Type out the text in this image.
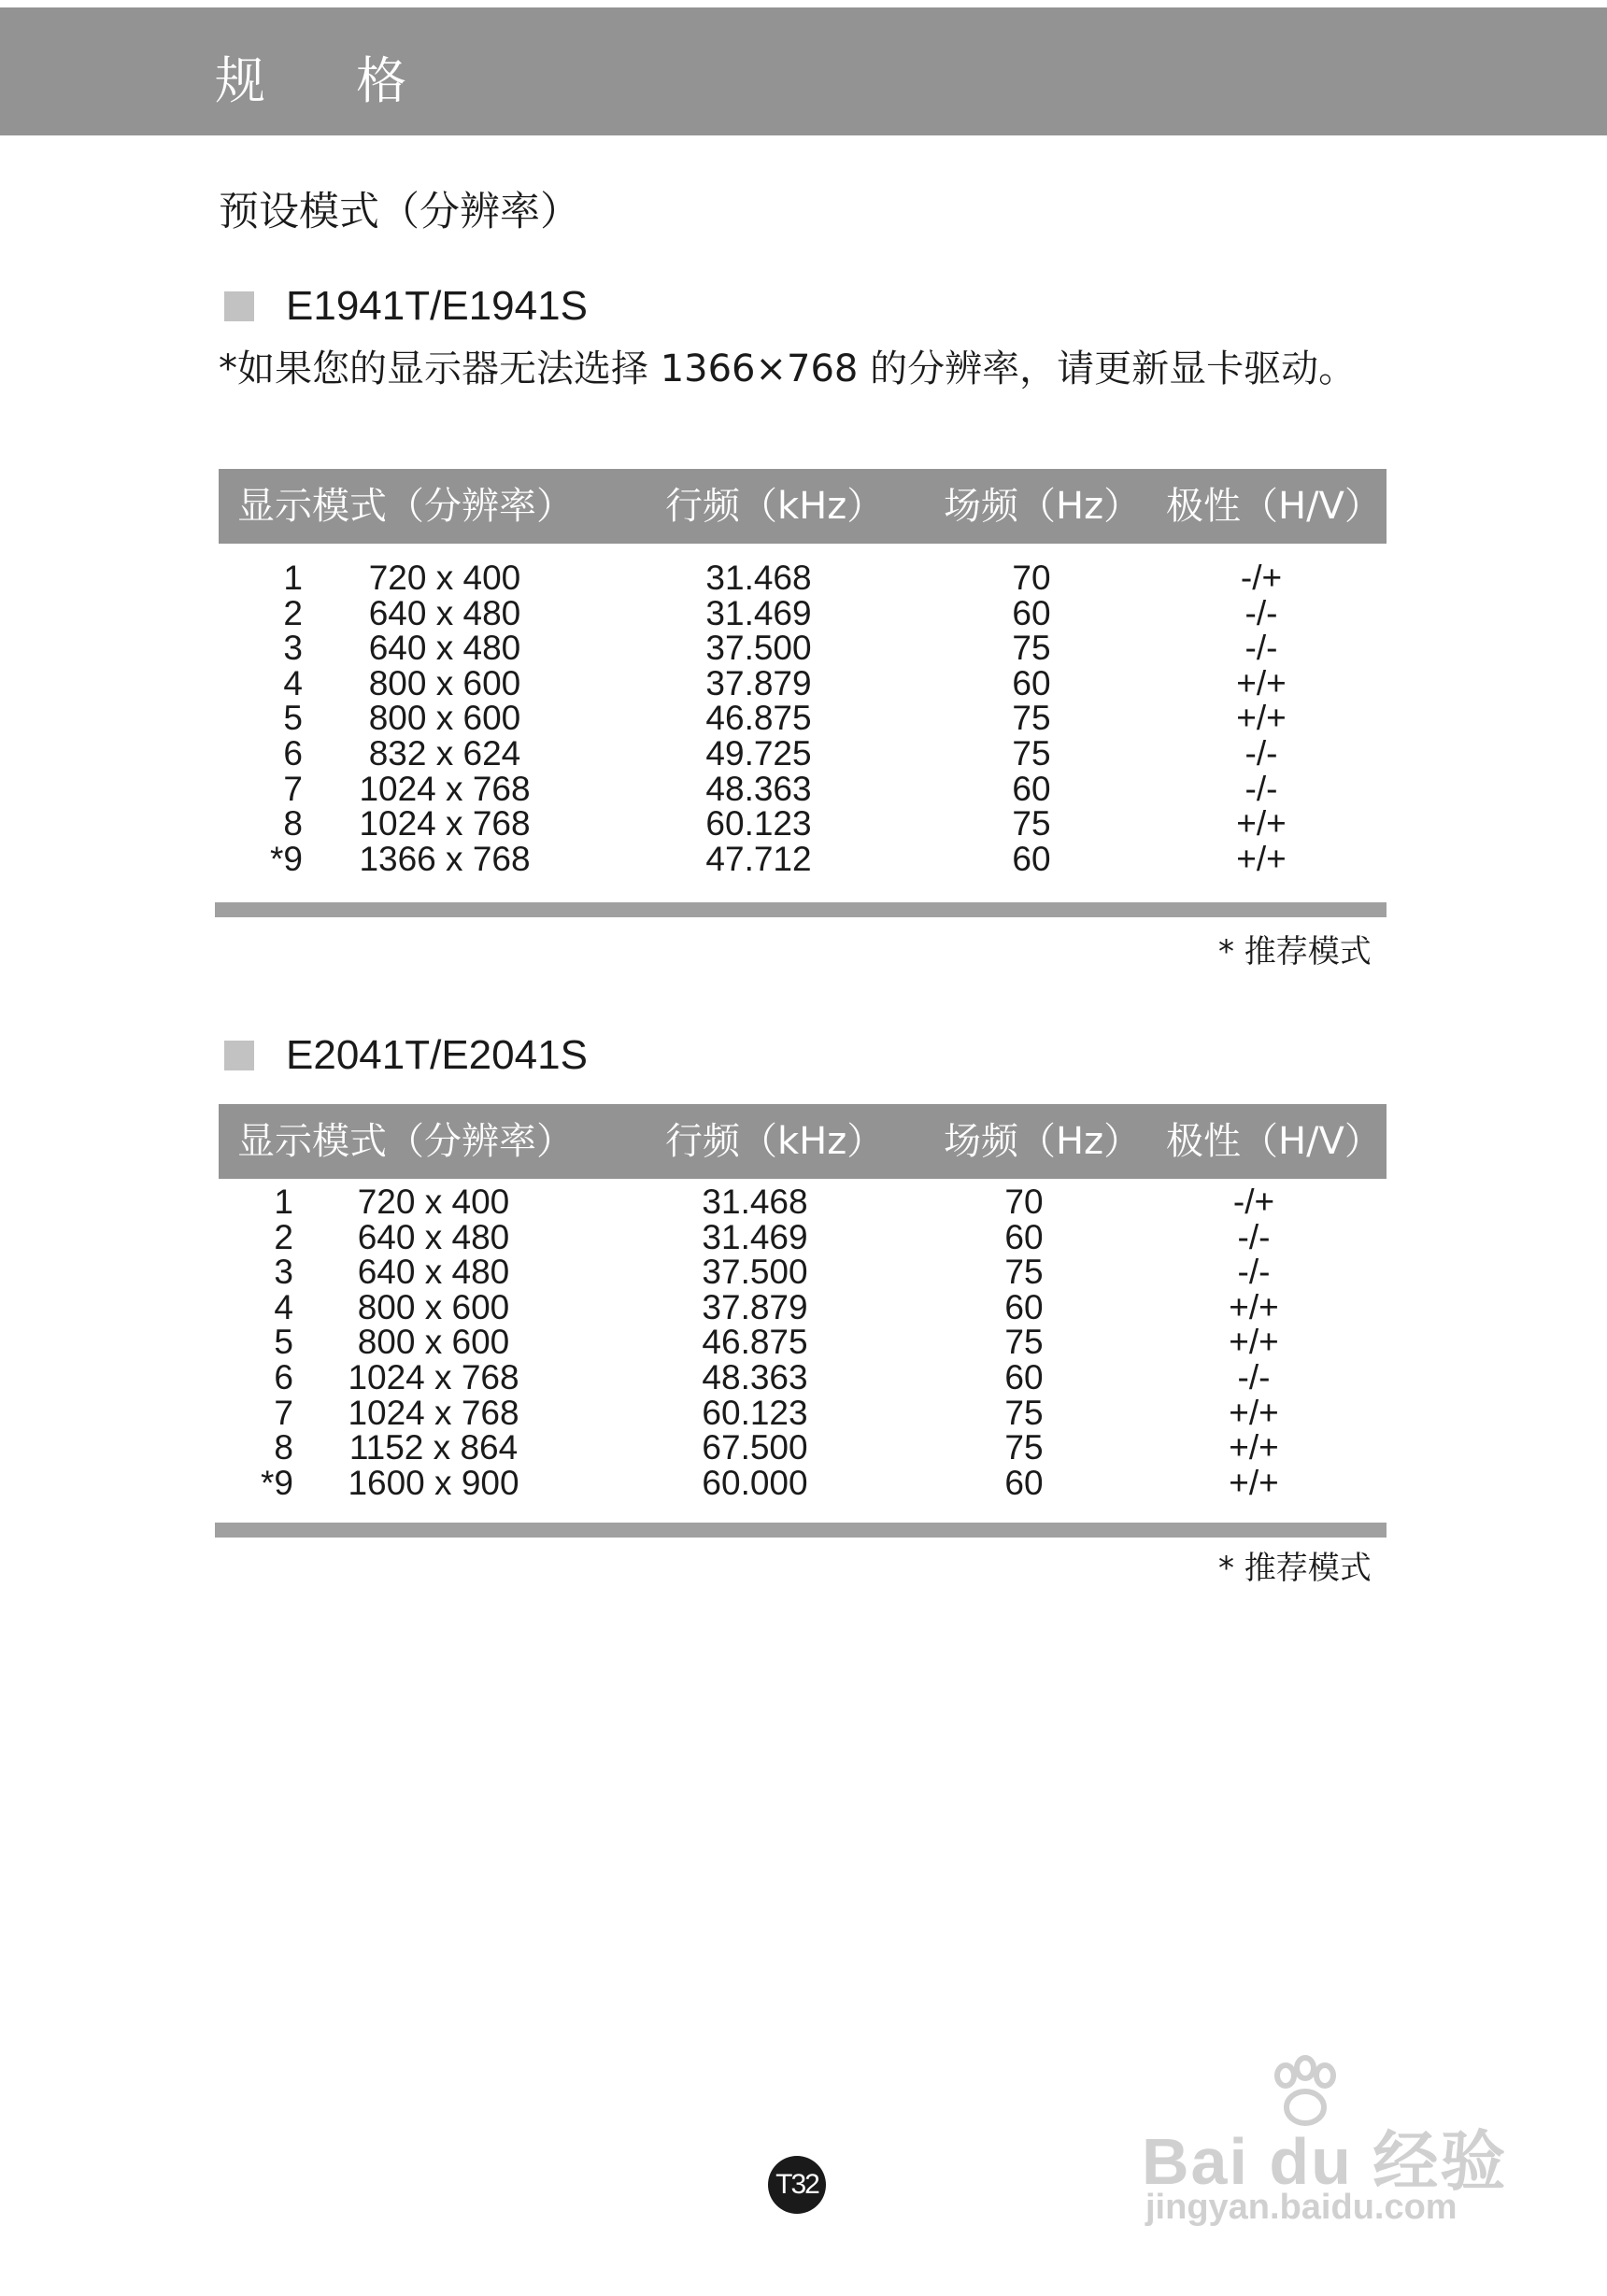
规 格
预设模式（分辨率）
E1941T/E1941S
*如果您的显示器无法选择 1366×768 的分辨率，请更新显卡驱动。
显示模式（分辨率） 行频（kHz） 场频（Hz） 极性（H/V）
1 720 x 400	31.468	70	-/+
2 640 x 480	31.469	60	-/-
3 640 x 480	37.500	75	-/-
4 800 x 600	37.879	60	+/+
5 800 x 600	46.875	75	+/+
6 832 x 624	49.725	75	-/-
7 1024 x 768	48.363	60	-/-
8 1024 x 768	60.123	75	+/+
*9 1366 x 768	47.712	60	+/+
* 推荐模式
E2041T/E2041S
显示模式（分辨率） 行频（kHz） 场频（Hz） 极性（H/V）
1 720 x 400	31.468	70	-/+
2 640 x 480	31.469	60	-/-
3 640 x 480	37.500	75	-/-
4 800 x 600	37.879	60	+/+
5 800 x 600	46.875	75	+/+
6 1024 x 768	48.363	60	-/-
7 1024 x 768	60.123	75	+/+
8 1152 x 864	67.500	75	+/+
*9 1600 x 900	60.000	60	+/+
* 推荐模式
T32	Bai du 经验
jingyan.baidu.com
